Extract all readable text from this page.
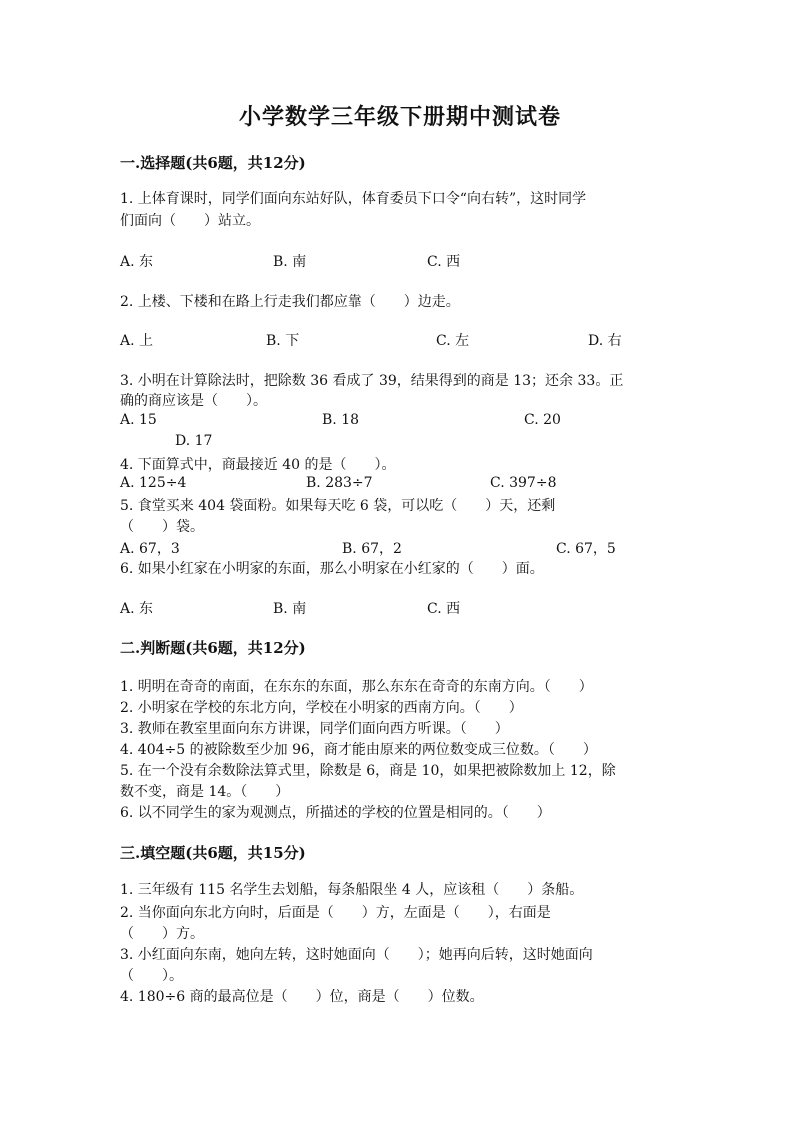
小学数学三年级下册期中测试卷
一.选择题(共6题，共12分)
1. 上体育课时，同学们面向东站好队，体育委员下口令“向右转”，这时同学
们面向（　　）站立。
A. 东	B. 南	C. 西
2. 上楼、下楼和在路上行走我们都应靠（　　）边走。
A. 上	B. 下	C. 左	D. 右
3. 小明在计算除法时，把除数 36 看成了 39，结果得到的商是 13；还余 33。正
确的商应该是（　　）。
A. 15	B. 18	C. 20
D. 17
4. 下面算式中，商最接近 40 的是（　　）。
A. 125÷4	B. 283÷7	C. 397÷8
5. 食堂买来 404 袋面粉。如果每天吃 6 袋，可以吃（　　）天，还剩
（　　）袋。
A. 67，3	B. 67，2	C. 67，5
6. 如果小红家在小明家的东面，那么小明家在小红家的（　　）面。
A. 东	B. 南	C. 西
二.判断题(共6题，共12分)
1. 明明在奇奇的南面，在东东的东面，那么东东在奇奇的东南方向。（　　）
2. 小明家在学校的东北方向，学校在小明家的西南方向。（　　）
3. 教师在教室里面向东方讲课，同学们面向西方听课。（　　）
4. 404÷5 的被除数至少加 96，商才能由原来的两位数变成三位数。（　　）
5. 在一个没有余数除法算式里，除数是 6，商是 10，如果把被除数加上 12，除
数不变，商是 14。（　　）
6. 以不同学生的家为观测点，所描述的学校的位置是相同的。（　　）
三.填空题(共6题，共15分)
1. 三年级有 115 名学生去划船，每条船限坐 4 人，应该租（　　）条船。
2. 当你面向东北方向时，后面是（　　）方，左面是（　　），右面是
（　　）方。
3. 小红面向东南，她向左转，这时她面向（　　）；她再向后转，这时她面向
（　　）。
4. 180÷6 商的最高位是（　　）位，商是（　　）位数。
